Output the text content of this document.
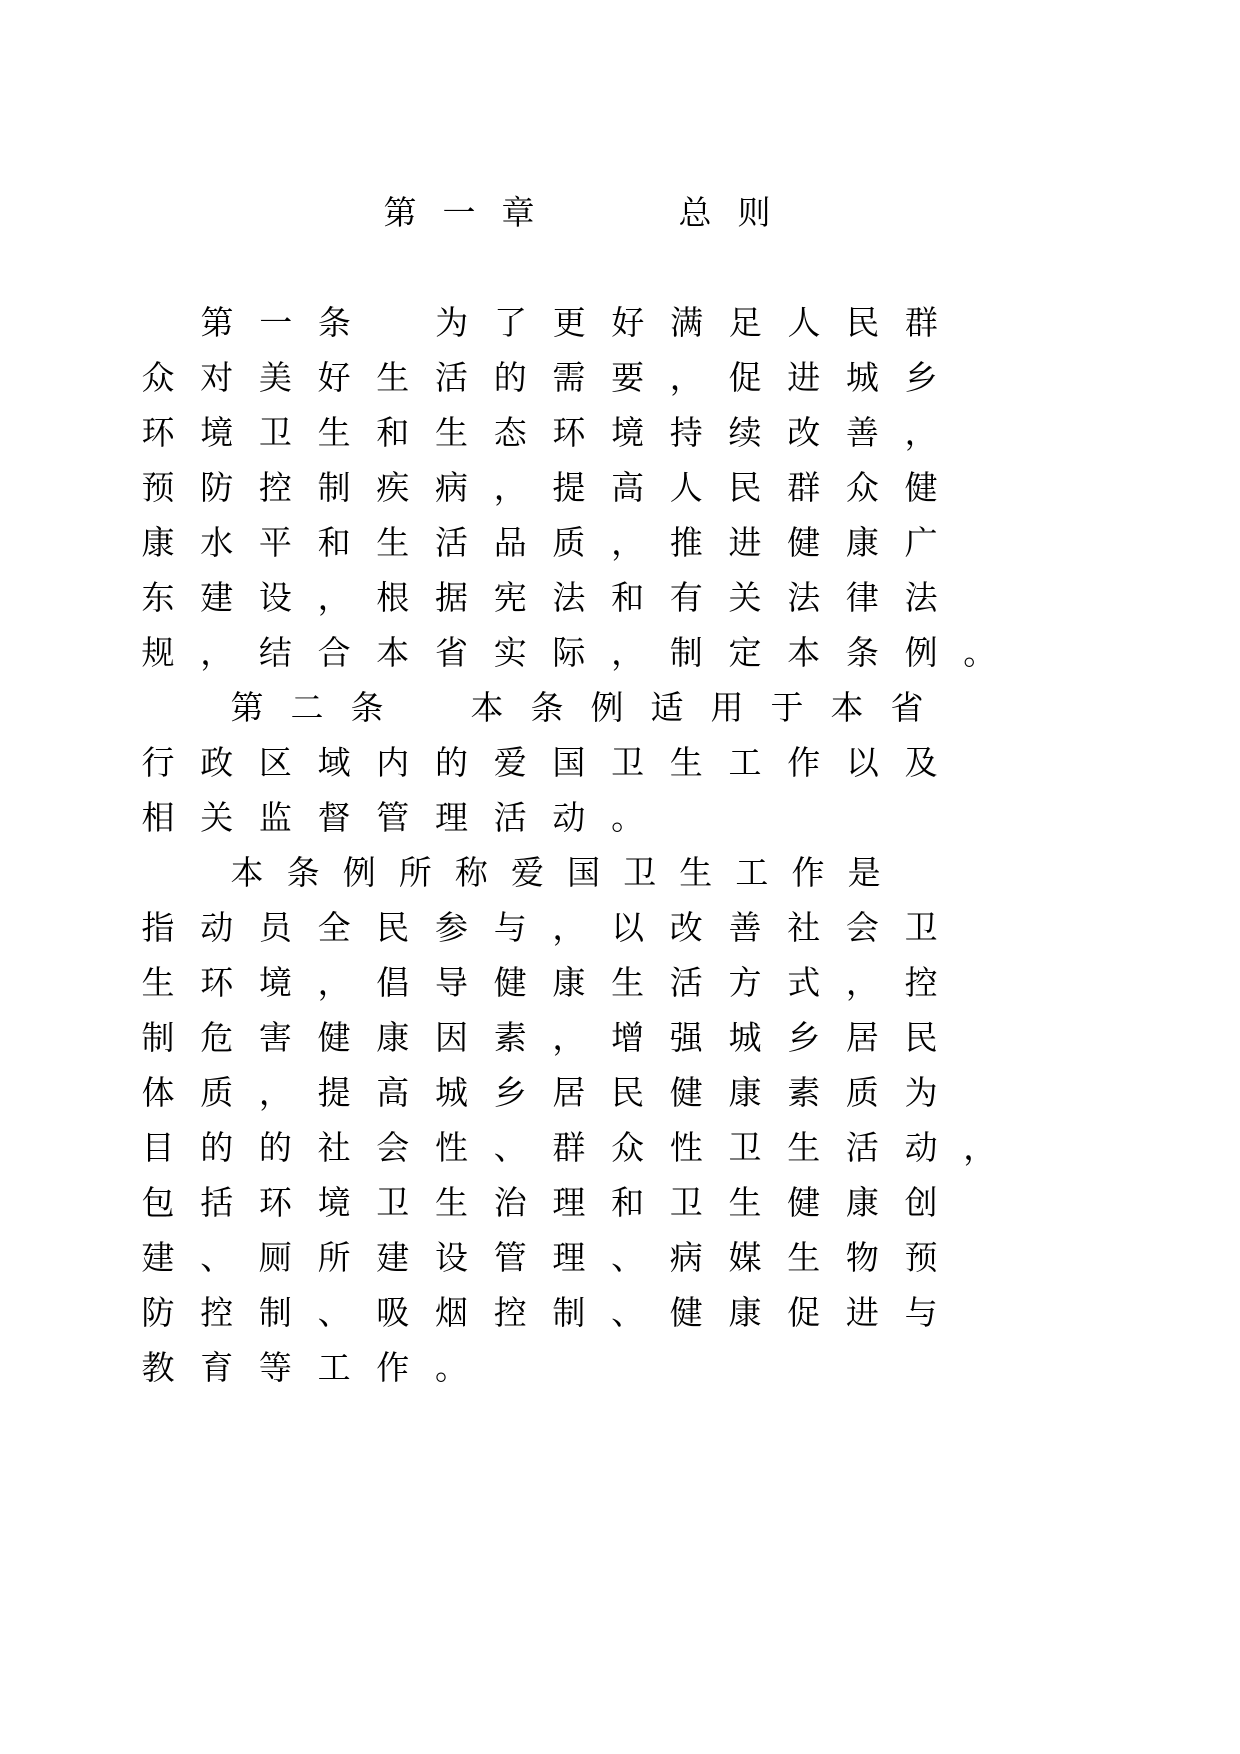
第 一 章	总 则
第 一 条	为 了 更 好 满 足 人 民 群
众 对 美 好 生 活 的 需 要 ， 促 进 城 乡
环 境 卫 生 和 生 态 环 境 持 续 改 善 ，
预 防 控 制 疾 病 ， 提 高 人 民 群 众 健
康 水 平 和 生 活 品 质 ， 推 进 健 康 广
东 建 设 ， 根 据 宪 法 和 有 关 法 律 法
规 ， 结 合 本 省 实 际 ， 制 定 本 条 例 。
第 二 条	本 条 例 适 用 于 本 省
行 政 区 域 内 的 爱 国 卫 生 工 作 以 及
相 关 监 督 管 理 活 动 。
本 条 例 所 称 爱 国 卫 生 工 作 是
指 动 员 全 民 参 与 ， 以 改 善 社 会 卫
生 环 境 ， 倡 导 健 康 生 活 方 式 ， 控
制 危 害 健 康 因 素 ， 增 强 城 乡 居 民
体 质 ， 提 高 城 乡 居 民 健 康 素 质 为
目 的 的 社 会 性 、 群 众 性 卫 生 活 动 ，
包 括 环 境 卫 生 治 理 和 卫 生 健 康 创
建 、 厕 所 建 设 管 理 、 病 媒 生 物 预
防 控 制 、 吸 烟 控 制 、 健 康 促 进 与
教 育 等 工 作 。
